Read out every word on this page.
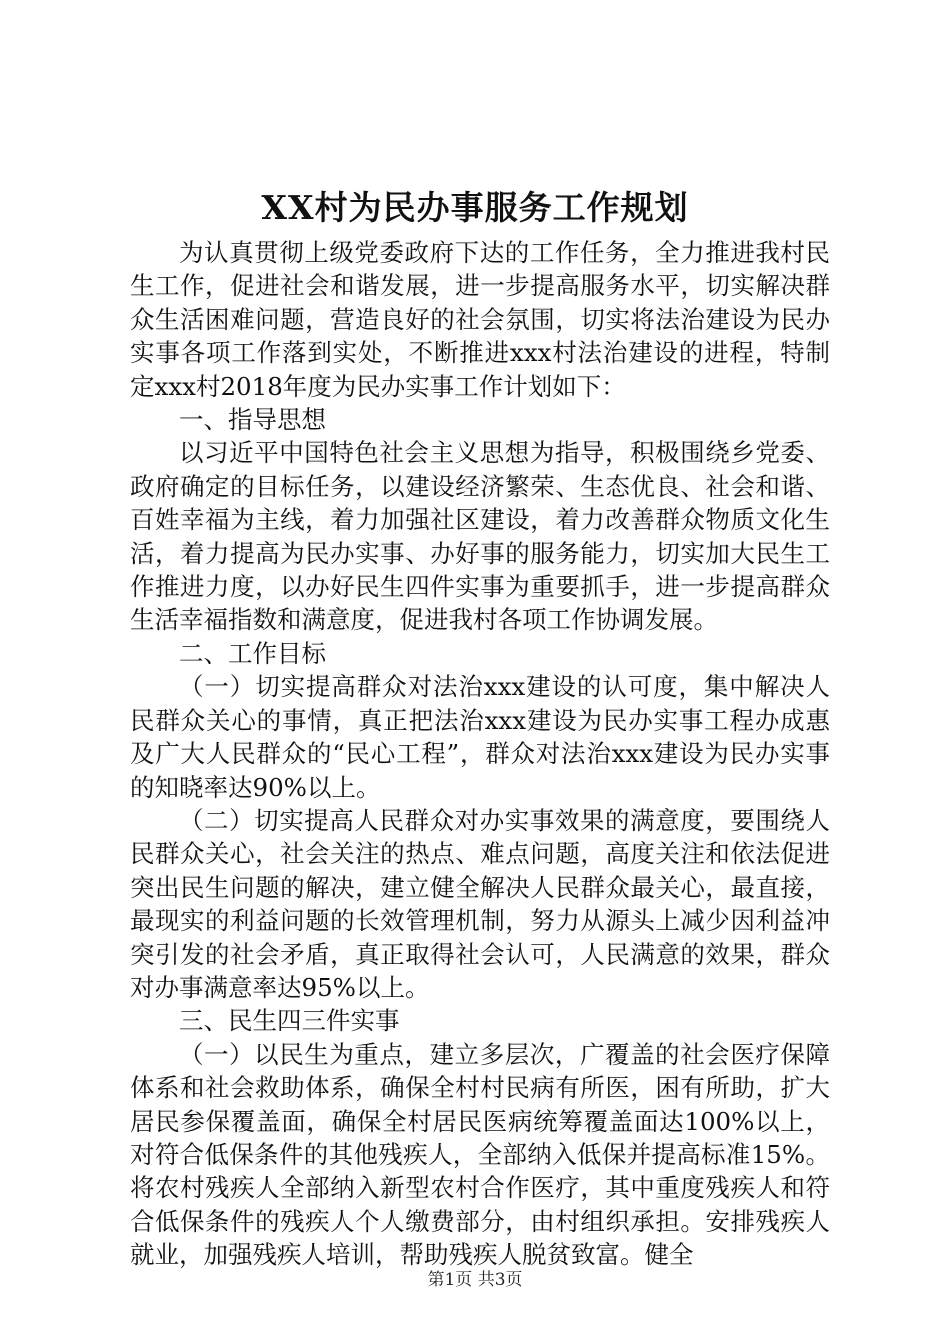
XX村为民办事服务工作规划

为认真贯彻上级党委政府下达的工作任务，全力推进我村民生工作，促进社会和谐发展，进一步提高服务水平，切实解决群众生活困难问题，营造良好的社会氛围，切实将法治建设为民办实事各项工作落到实处，不断推进xxx村法治建设的进程，特制定xxx村2018年度为民办实事工作计划如下：

一、指导思想

以习近平中国特色社会主义思想为指导，积极围绕乡党委、政府确定的目标任务，以建设经济繁荣、生态优良、社会和谐、百姓幸福为主线，着力加强社区建设，着力改善群众物质文化生活，着力提高为民办实事、办好事的服务能力，切实加大民生工作推进力度，以办好民生四件实事为重要抓手，进一步提高群众生活幸福指数和满意度，促进我村各项工作协调发展。

二、工作目标

（一）切实提高群众对法治xxx建设的认可度，集中解决人民群众关心的事情，真正把法治xxx建设为民办实事工程办成惠及广大人民群众的“民心工程”，群众对法治xxx建设为民办实事的知晓率达90%以上。

（二）切实提高人民群众对办实事效果的满意度，要围绕人民群众关心，社会关注的热点、难点问题，高度关注和依法促进突出民生问题的解决，建立健全解决人民群众最关心，最直接，最现实的利益问题的长效管理机制，努力从源头上减少因利益冲突引发的社会矛盾，真正取得社会认可，人民满意的效果，群众对办事满意率达95%以上。

三、民生四三件实事

（一）以民生为重点，建立多层次，广覆盖的社会医疗保障体系和社会救助体系，确保全村村民病有所医，困有所助，扩大居民参保覆盖面，确保全村居民医病统筹覆盖面达100%以上，对符合低保条件的其他残疾人，全部纳入低保并提高标准15%。将农村残疾人全部纳入新型农村合作医疗，其中重度残疾人和符合低保条件的残疾人个人缴费部分，由村组织承担。安排残疾人就业，加强残疾人培训，帮助残疾人脱贫致富。健全

第1页 共3页
